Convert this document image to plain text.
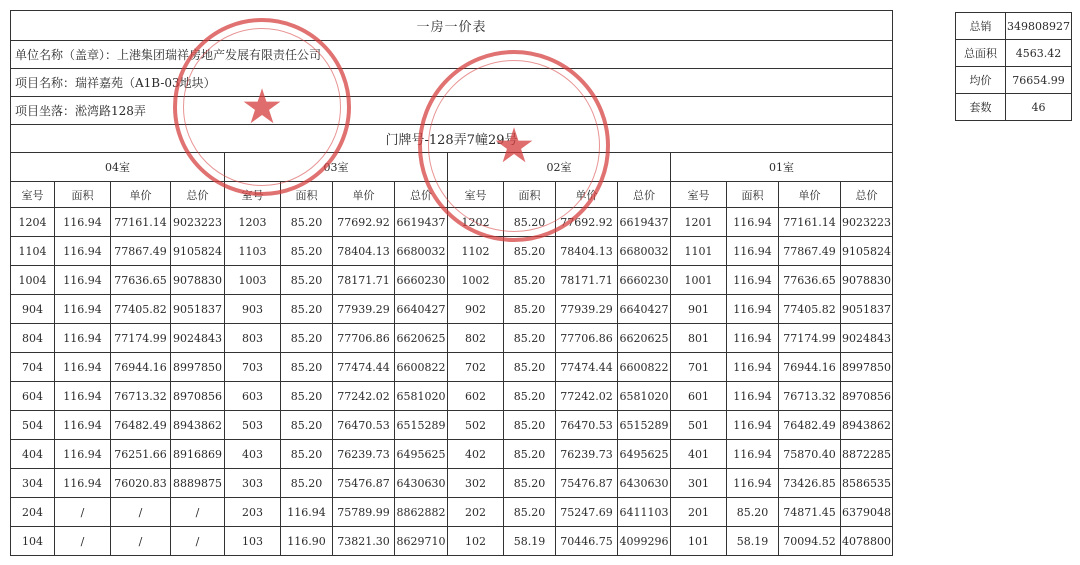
一房一价表															
单位名称（盖章）：上港集团瑞祥房地产发展有限责任公司															
项目名称：瑞祥嘉苑（A1B-03地块）															
项目坐落：淞湾路128弄															
门牌号-128弄7幢29号															
04室				03室				02室				01室			
室号	面积	单价	总价	室号	面积	单价	总价	室号	面积	单价	总价	室号	面积	单价	总价
1204	116.94	77161.14	9023223	1203	85.20	77692.92	6619437	1202	85.20	77692.92	6619437	1201	116.94	77161.14	9023223
1104	116.94	77867.49	9105824	1103	85.20	78404.13	6680032	1102	85.20	78404.13	6680032	1101	116.94	77867.49	9105824
1004	116.94	77636.65	9078830	1003	85.20	78171.71	6660230	1002	85.20	78171.71	6660230	1001	116.94	77636.65	9078830
904	116.94	77405.82	9051837	903	85.20	77939.29	6640427	902	85.20	77939.29	6640427	901	116.94	77405.82	9051837
804	116.94	77174.99	9024843	803	85.20	77706.86	6620625	802	85.20	77706.86	6620625	801	116.94	77174.99	9024843
704	116.94	76944.16	8997850	703	85.20	77474.44	6600822	702	85.20	77474.44	6600822	701	116.94	76944.16	8997850
604	116.94	76713.32	8970856	603	85.20	77242.02	6581020	602	85.20	77242.02	6581020	601	116.94	76713.32	8970856
504	116.94	76482.49	8943862	503	85.20	76470.53	6515289	502	85.20	76470.53	6515289	501	116.94	76482.49	8943862
404	116.94	76251.66	8916869	403	85.20	76239.73	6495625	402	85.20	76239.73	6495625	401	116.94	75870.40	8872285
304	116.94	76020.83	8889875	303	85.20	75476.87	6430630	302	85.20	75476.87	6430630	301	116.94	73426.85	8586535
204	/	/	/	203	116.94	75789.99	8862882	202	85.20	75247.69	6411103	201	85.20	74871.45	6379048
104	/	/	/	103	116.90	73821.30	8629710	102	58.19	70446.75	4099296	101	58.19	70094.52	4078800
★
★
总销	349808927
总面积	4563.42
均价	76654.99
套数	46
